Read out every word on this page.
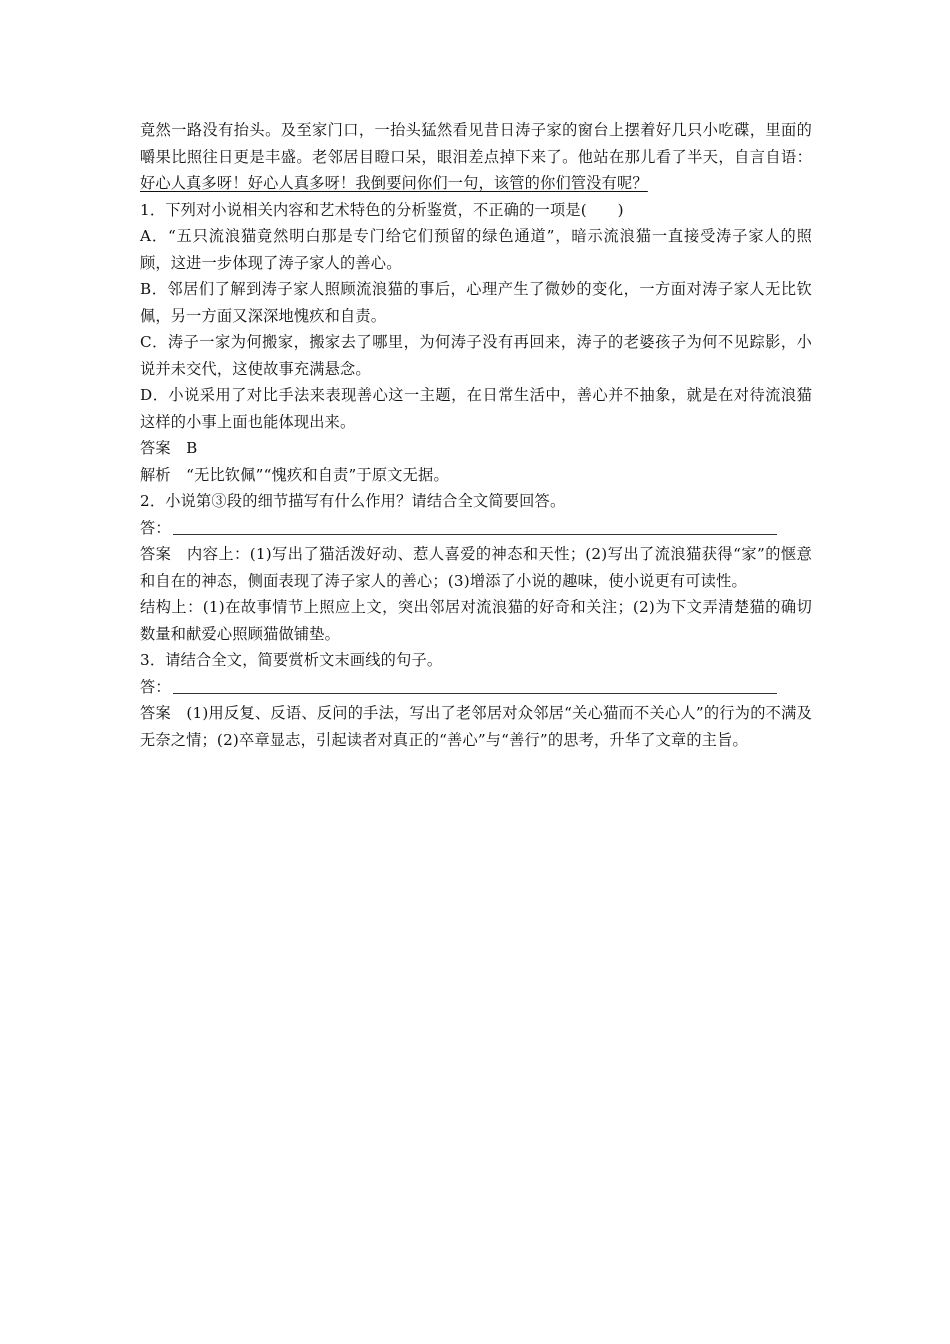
竟然一路没有抬头。及至家门口，一抬头猛然看见昔日涛子家的窗台上摆着好几只小吃碟，里面的嚼果比照往日更是丰盛。老邻居目瞪口呆，眼泪差点掉下来了。他站在那儿看了半天，自言自语：好心人真多呀！好心人真多呀！我倒要问你们一句，该管的你们管没有呢？

1．下列对小说相关内容和艺术特色的分析鉴赏，不正确的一项是(　　)

A．“五只流浪猫竟然明白那是专门给它们预留的绿色通道”，暗示流浪猫一直接受涛子家人的照顾，这进一步体现了涛子家人的善心。

B．邻居们了解到涛子家人照顾流浪猫的事后，心理产生了微妙的变化，一方面对涛子家人无比钦佩，另一方面又深深地愧疚和自责。

C．涛子一家为何搬家，搬家去了哪里，为何涛子没有再回来，涛子的老婆孩子为何不见踪影，小说并未交代，这使故事充满悬念。

D．小说采用了对比手法来表现善心这一主题，在日常生活中，善心并不抽象，就是在对待流浪猫这样的小事上面也能体现出来。

答案　B

解析　“无比钦佩”“愧疚和自责”于原文无据。

2．小说第③段的细节描写有什么作用？请结合全文简要回答。

答：

答案　内容上：(1)写出了猫活泼好动、惹人喜爱的神态和天性；(2)写出了流浪猫获得“家”的惬意和自在的神态，侧面表现了涛子家人的善心；(3)增添了小说的趣味，使小说更有可读性。

结构上：(1)在故事情节上照应上文，突出邻居对流浪猫的好奇和关注；(2)为下文弄清楚猫的确切数量和献爱心照顾猫做铺垫。

3．请结合全文，简要赏析文末画线的句子。

答：

答案　(1)用反复、反语、反问的手法，写出了老邻居对众邻居“关心猫而不关心人”的行为的不满及无奈之情；(2)卒章显志，引起读者对真正的“善心”与“善行”的思考，升华了文章的主旨。
